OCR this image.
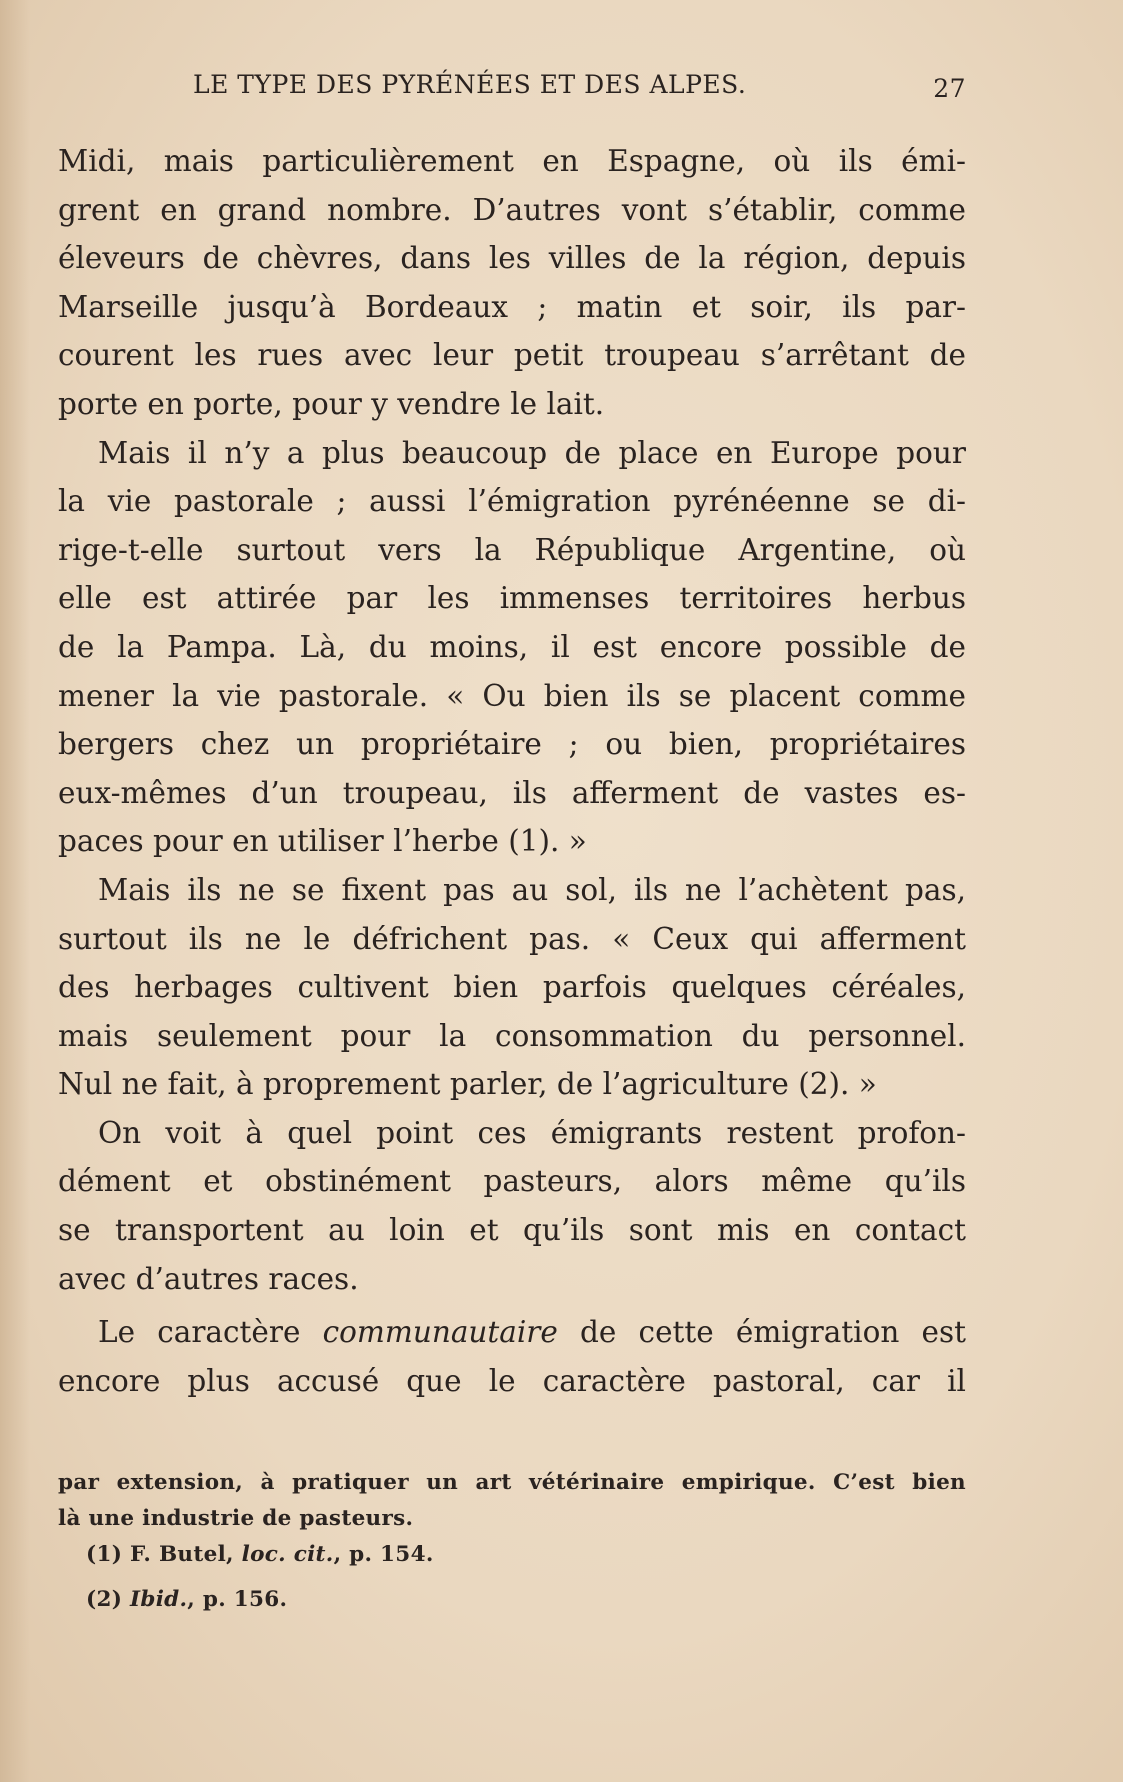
LE TYPE DES PYRÉNÉES ET DES ALPES.	27
Midi, mais particulièrement en Espagne, où ils émi-
grent en grand nombre. D’autres vont s’établir, comme
éleveurs de chèvres, dans les villes de la région, depuis
Marseille jusqu’à Bordeaux ; matin et soir, ils par-
courent les rues avec leur petit troupeau s’arrêtant de
porte en porte, pour y vendre le lait.
Mais il n’y a plus beaucoup de place en Europe pour
la vie pastorale ; aussi l’émigration pyrénéenne se di-
rige-t-elle surtout vers la République Argentine, où
elle est attirée par les immenses territoires herbus
de la Pampa. Là, du moins, il est encore possible de
mener la vie pastorale. « Ou bien ils se placent comme
bergers chez un propriétaire ; ou bien, propriétaires
eux-mêmes d’un troupeau, ils afferment de vastes es-
paces pour en utiliser l’herbe (1). »
Mais ils ne se fixent pas au sol, ils ne l’achètent pas,
surtout ils ne le défrichent pas. « Ceux qui afferment
des herbages cultivent bien parfois quelques céréales,
mais seulement pour la consommation du personnel.
Nul ne fait, à proprement parler, de l’agriculture (2). »
On voit à quel point ces émigrants restent profon-
dément et obstinément pasteurs, alors même qu’ils
se transportent au loin et qu’ils sont mis en contact
avec d’autres races.
Le caractère communautaire de cette émigration est
encore plus accusé que le caractère pastoral, car il
par extension, à pratiquer un art vétérinaire empirique. C’est bien
là une industrie de pasteurs.
(1) F. Butel, loc. cit., p. 154.
(2) Ibid., p. 156.
